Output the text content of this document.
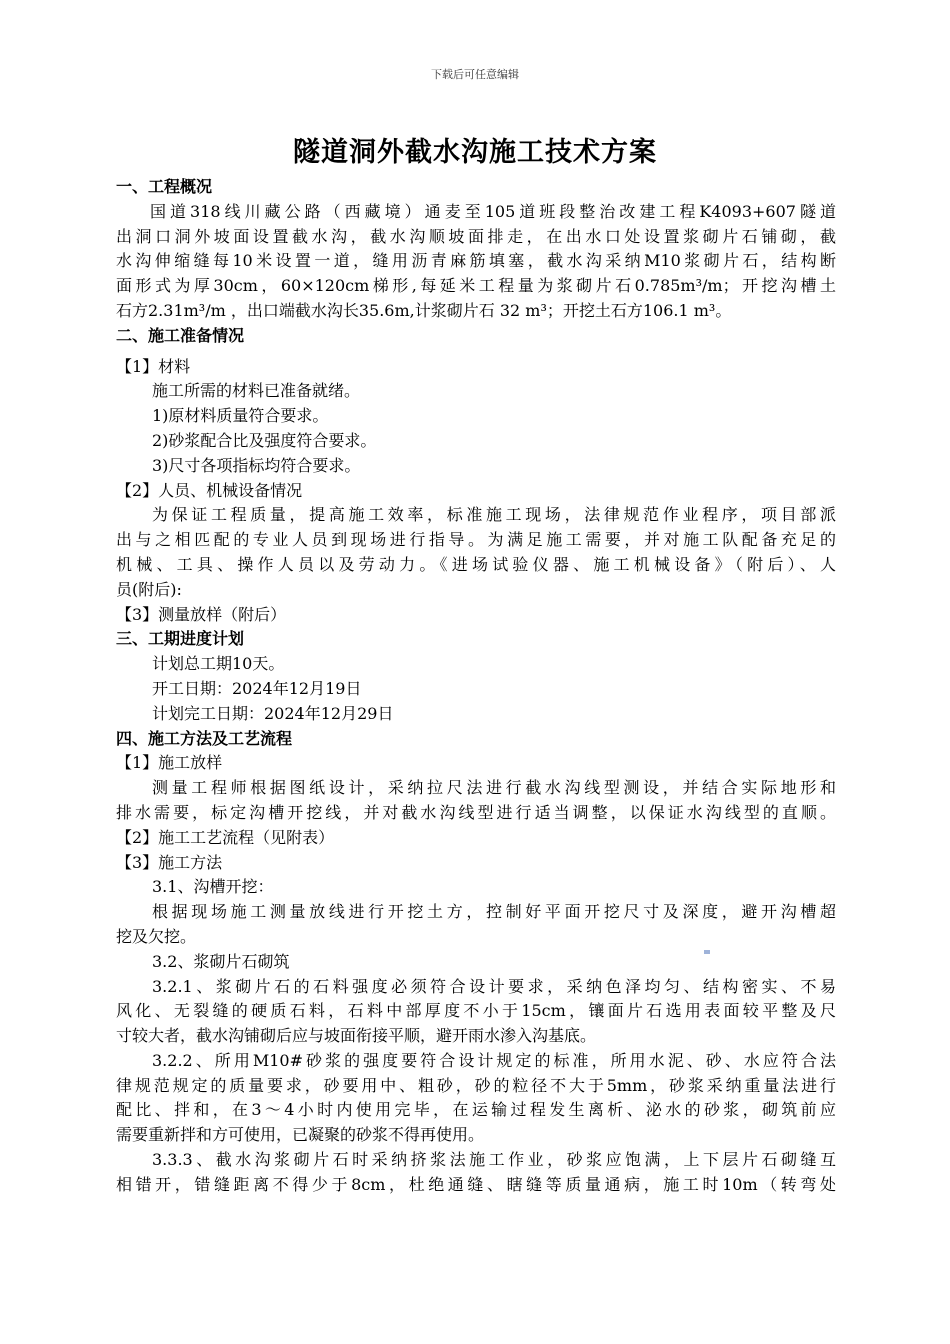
下载后可任意编辑
隧道洞外截水沟施工技术方案
一、工程概况
国道318线川藏公路（西藏境）通麦至105道班段整治改建工程K4093+607隧道
出洞口洞外坡面设置截水沟，截水沟顺坡面排走，在出水口处设置浆砌片石铺砌，截
水沟伸缩缝每10米设置一道，缝用沥青麻筋填塞，截水沟采纳M10浆砌片石，结构断
面形式为厚30cm，60×120cm梯形,每延米工程量为浆砌片石0.785m³/m；开挖沟槽土
石方2.31m³/m ，出口端截水沟长35.6m,计浆砌片石 32 m³；开挖土石方106.1 m³。
二、施工准备情况
【1】材料
施工所需的材料已准备就绪。
1)原材料质量符合要求。
2)砂浆配合比及强度符合要求。
3)尺寸各项指标均符合要求。
【2】人员、机械设备情况
为保证工程质量，提高施工效率，标准施工现场，法律规范作业程序，项目部派
出与之相匹配的专业人员到现场进行指导。为满足施工需要，并对施工队配备充足的
机械、工具、操作人员以及劳动力。《进场试验仪器、施工机械设备》（附后）、人
员(附后):
【3】测量放样（附后）
三、工期进度计划
计划总工期10天。
开工日期：2024年12月19日
计划完工日期：2024年12月29日
四、施工方法及工艺流程
【1】施工放样
测量工程师根据图纸设计，采纳拉尺法进行截水沟线型测设，并结合实际地形和
排水需要，标定沟槽开挖线，并对截水沟线型进行适当调整，以保证水沟线型的直顺。
【2】施工工艺流程（见附表）
【3】施工方法
3.1、沟槽开挖：
根据现场施工测量放线进行开挖土方，控制好平面开挖尺寸及深度，避开沟槽超
挖及欠挖。
3.2、浆砌片石砌筑
3.2.1、浆砌片石的石料强度必须符合设计要求，采纳色泽均匀、结构密实、不易
风化、无裂缝的硬质石料，石料中部厚度不小于15cm，镶面片石选用表面较平整及尺
寸较大者，截水沟铺砌后应与坡面衔接平顺，避开雨水渗入沟基底。
3.2.2、所用M10#砂浆的强度要符合设计规定的标准，所用水泥、砂、水应符合法
律规范规定的质量要求，砂要用中、粗砂，砂的粒径不大于5mm，砂浆采纳重量法进行
配比、拌和，在3～4小时内使用完毕，在运输过程发生离析、泌水的砂浆，砌筑前应
需要重新拌和方可使用，已凝聚的砂浆不得再使用。
3.3.3、截水沟浆砌片石时采纳挤浆法施工作业，砂浆应饱满，上下层片石砌缝互
相错开，错缝距离不得少于8cm，杜绝通缝、瞎缝等质量通病，施工时10m（转弯处
